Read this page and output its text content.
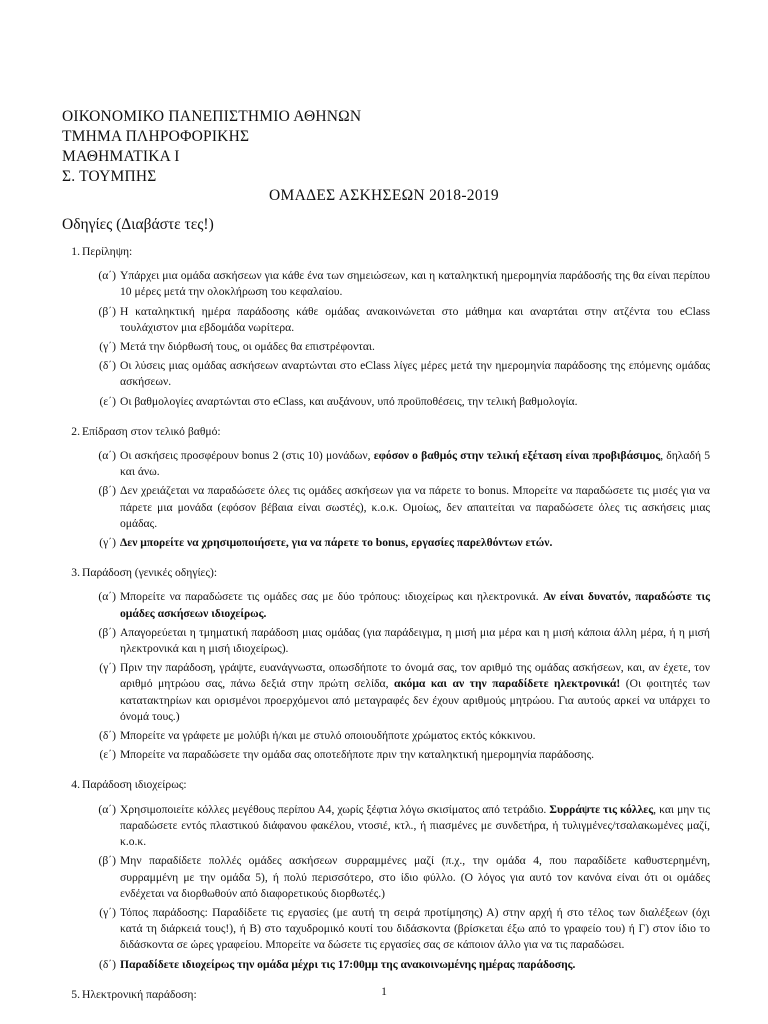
ΟΙΚΟΝΟΜΙΚΟ ΠΑΝΕΠΙΣΤΗΜΙΟ ΑΘΗΝΩΝ
ΤΜΗΜΑ ΠΛΗΡΟΦΟΡΙΚΗΣ
ΜΑΘΗΜΑΤΙΚΑ Ι
Σ. ΤΟΥΜΠΗΣ
ΟΜΑΔΕΣ ΑΣΚΗΣΕΩΝ 2018-2019
Οδηγίες (Διαβάστε τες!)
1. Περίληψη:
(α΄) Υπάρχει μια ομάδα ασκήσεων για κάθε ένα των σημειώσεων, και η καταληκτική ημερομηνία παράδοσής της θα είναι περίπου 10 μέρες μετά την ολοκλήρωση του κεφαλαίου.
(β΄) Η καταληκτική ημέρα παράδοσης κάθε ομάδας ανακοινώνεται στο μάθημα και αναρτάται στην ατζέντα του eClass τουλάχιστον μια εβδομάδα νωρίτερα.
(γ΄) Μετά την διόρθωσή τους, οι ομάδες θα επιστρέφονται.
(δ΄) Οι λύσεις μιας ομάδας ασκήσεων αναρτώνται στο eClass λίγες μέρες μετά την ημερομηνία παράδοσης της επόμενης ομάδας ασκήσεων.
(ε΄) Οι βαθμολογίες αναρτώνται στο eClass, και αυξάνουν, υπό προϋποθέσεις, την τελική βαθμολογία.
2. Επίδραση στον τελικό βαθμό:
(α΄) Οι ασκήσεις προσφέρουν bonus 2 (στις 10) μονάδων, εφόσον ο βαθμός στην τελική εξέταση είναι προβιβάσιμος, δηλαδή 5 και άνω.
(β΄) Δεν χρειάζεται να παραδώσετε όλες τις ομάδες ασκήσεων για να πάρετε το bonus. Μπορείτε να παραδώσετε τις μισές για να πάρετε μια μονάδα (εφόσον βέβαια είναι σωστές), κ.ο.κ. Ομοίως, δεν απαιτείται να παραδώσετε όλες τις ασκήσεις μιας ομάδας.
(γ΄) Δεν μπορείτε να χρησιμοποιήσετε, για να πάρετε το bonus, εργασίες παρελθόντων ετών.
3. Παράδοση (γενικές οδηγίες):
(α΄) Μπορείτε να παραδώσετε τις ομάδες σας με δύο τρόπους: ιδιοχείρως και ηλεκτρονικά. Αν είναι δυνατόν, παραδώστε τις ομάδες ασκήσεων ιδιοχείρως.
(β΄) Απαγορεύεται η τμηματική παράδοση μιας ομάδας (για παράδειγμα, η μισή μια μέρα και η μισή κάποια άλλη μέρα, ή η μισή ηλεκτρονικά και η μισή ιδιοχείρως).
(γ΄) Πριν την παράδοση, γράψτε, ευανάγνωστα, οπωσδήποτε το όνομά σας, τον αριθμό της ομάδας ασκήσεων, και, αν έχετε, τον αριθμό μητρώου σας, πάνω δεξιά στην πρώτη σελίδα, ακόμα και αν την παραδίδετε ηλεκτρονικά! (Οι φοιτητές των κατατακτηρίων και ορισμένοι προερχόμενοι από μεταγραφές δεν έχουν αριθμούς μητρώου. Για αυτούς αρκεί να υπάρχει το όνομά τους.)
(δ΄) Μπορείτε να γράφετε με μολύβι ή/και με στυλό οποιουδήποτε χρώματος εκτός κόκκινου.
(ε΄) Μπορείτε να παραδώσετε την ομάδα σας οποτεδήποτε πριν την καταληκτική ημερομηνία παράδοσης.
4. Παράδοση ιδιοχείρως:
(α΄) Χρησιμοποιείτε κόλλες μεγέθους περίπου Α4, χωρίς ξέφτια λόγω σκισίματος από τετράδιο. Συρράψτε τις κόλλες, και μην τις παραδώσετε εντός πλαστικού διάφανου φακέλου, ντοσιέ, κτλ., ή πιασμένες με συνδετήρα, ή τυλιγμένες/τσαλακωμένες μαζί, κ.ο.κ.
(β΄) Μην παραδίδετε πολλές ομάδες ασκήσεων συρραμμένες μαζί (π.χ., την ομάδα 4, που παραδίδετε καθυστερημένη, συρραμμένη με την ομάδα 5), ή πολύ περισσότερο, στο ίδιο φύλλο. (Ο λόγος για αυτό τον κανόνα είναι ότι οι ομάδες ενδέχεται να διορθωθούν από διαφορετικούς διορθωτές.)
(γ΄) Τόπος παράδοσης: Παραδίδετε τις εργασίες (με αυτή τη σειρά προτίμησης) Α) στην αρχή ή στο τέλος των διαλέξεων (όχι κατά τη διάρκειά τους!), ή Β) στο ταχυδρομικό κουτί του διδάσκοντα (βρίσκεται έξω από το γραφείο του) ή Γ) στον ίδιο το διδάσκοντα σε ώρες γραφείου. Μπορείτε να δώσετε τις εργασίες σας σε κάποιον άλλο για να τις παραδώσει.
(δ΄) Παραδίδετε ιδιοχείρως την ομάδα μέχρι τις 17:00μμ της ανακοινωμένης ημέρας παράδοσης.
5. Ηλεκτρονική παράδοση:	1
